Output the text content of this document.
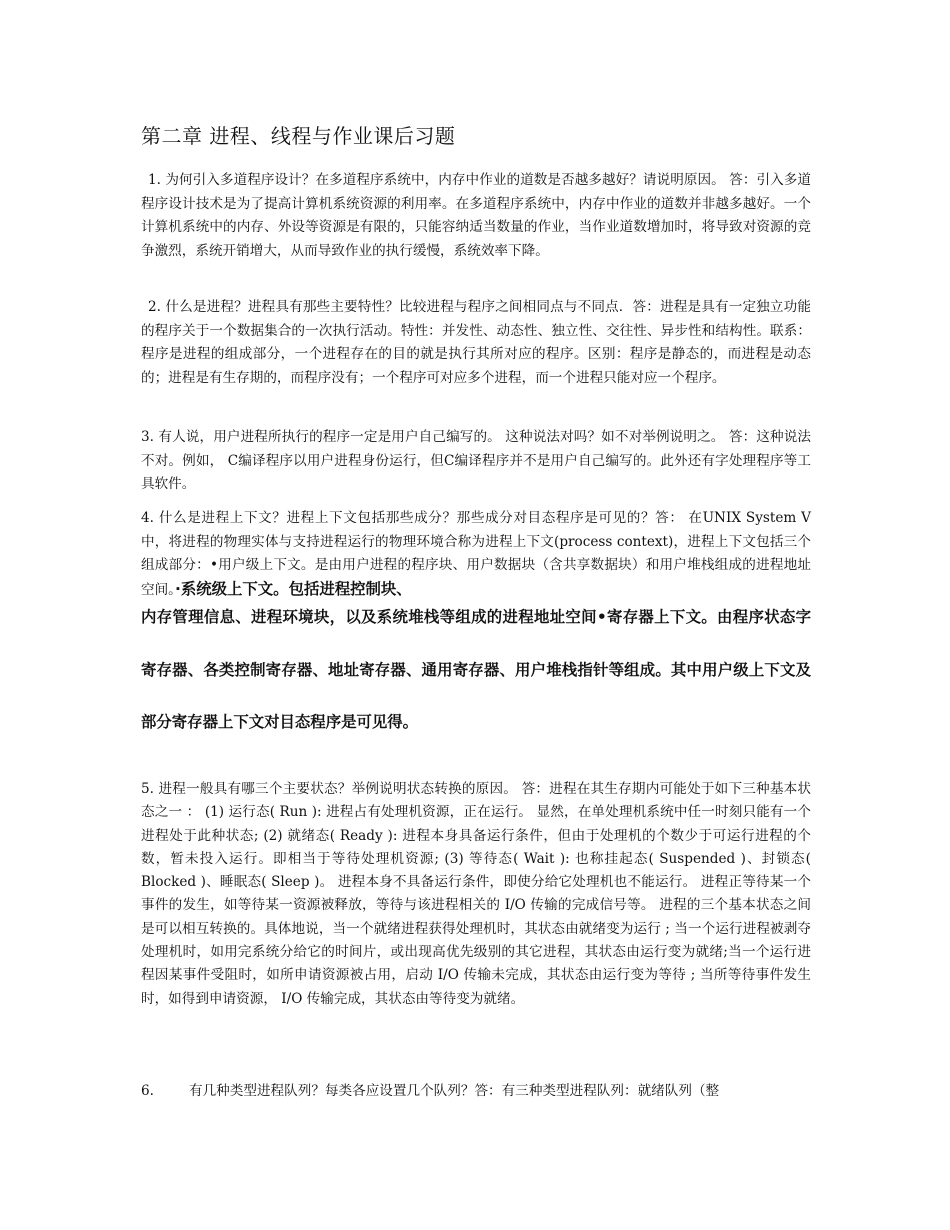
第二章 进程、线程与作业课后习题

1. 为何引入多道程序设计？在多道程序系统中，内存中作业的道数是否越多越好？请说明原因。 答：引入多道程序设计技术是为了提高计算机系统资源的利用率。在多道程序系统中，内存中作业的道数并非越多越好。一个计算机系统中的内存、外设等资源是有限的，只能容纳适当数量的作业，当作业道数增加时，将导致对资源的竞争激烈，系统开销增大，从而导致作业的执行缓慢，系统效率下降。

2. 什么是进程？进程具有那些主要特性？比较进程与程序之间相同点与不同点．答：进程是具有一定独立功能的程序关于一个数据集合的一次执行活动。特性：并发性、动态性、独立性、交往性、异步性和结构性。联系：程序是进程的组成部分，一个进程存在的目的就是执行其所对应的程序。区别：程序是静态的，而进程是动态的；进程是有生存期的，而程序没有；一个程序可对应多个进程，而一个进程只能对应一个程序。

3. 有人说，用户进程所执行的程序一定是用户自己编写的。 这种说法对吗？如不对举例说明之。 答：这种说法不对。例如， C编译程序以用户进程身份运行，但C编译程序并不是用户自己编写的。此外还有字处理程序等工具软件。

4. 什么是进程上下文？进程上下文包括那些成分？那些成分对目态程序是可见的？答： 在UNIX System V中，将进程的物理实体与支持进程运行的物理环境合称为进程上下文(process context)，进程上下文包括三个组成部分：•用户级上下文。是由用户进程的程序块、用户数据块（含共享数据块）和用户堆栈组成的进程地址空间。·系统级上下文。包括进程控制块、

内存管理信息、进程环境块，以及系统堆栈等组成的进程地址空间•寄存器上下文。由程序状态字寄存器、各类控制寄存器、地址寄存器、通用寄存器、用户堆栈指针等组成。其中用户级上下文及部分寄存器上下文对目态程序是可见得。

5. 进程一般具有哪三个主要状态？举例说明状态转换的原因。 答：进程在其生存期内可能处于如下三种基本状态之一 ： (1) 运行态( Run ): 进程占有处理机资源，正在运行。 显然，在单处理机系统中任一时刻只能有一个进程处于此种状态; (2) 就绪态( Ready ): 进程本身具备运行条件，但由于处理机的个数少于可运行进程的个数，暂未投入运行。即相当于等待处理机资源; (3) 等待态( Wait ): 也称挂起态( Suspended )、封锁态( Blocked )、睡眠态( Sleep )。 进程本身不具备运行条件，即使分给它处理机也不能运行。 进程正等待某一个事件的发生，如等待某一资源被释放，等待与该进程相关的 I/O 传输的完成信号等。 进程的三个基本状态之间是可以相互转换的。具体地说，当一个就绪进程获得处理机时，其状态由就绪变为运行 ; 当一个运行进程被剥夺处理机时，如用完系统分给它的时间片，或出现高优先级别的其它进程，其状态由运行变为就绪;当一个运行进程因某事件受阻时，如所申请资源被占用，启动 I/O 传输未完成，其状态由运行变为等待 ; 当所等待事件发生时，如得到申请资源， I/O 传输完成，其状态由等待变为就绪。

6.	有几种类型进程队列？每类各应设置几个队列？答：有三种类型进程队列：就绪队列（整
